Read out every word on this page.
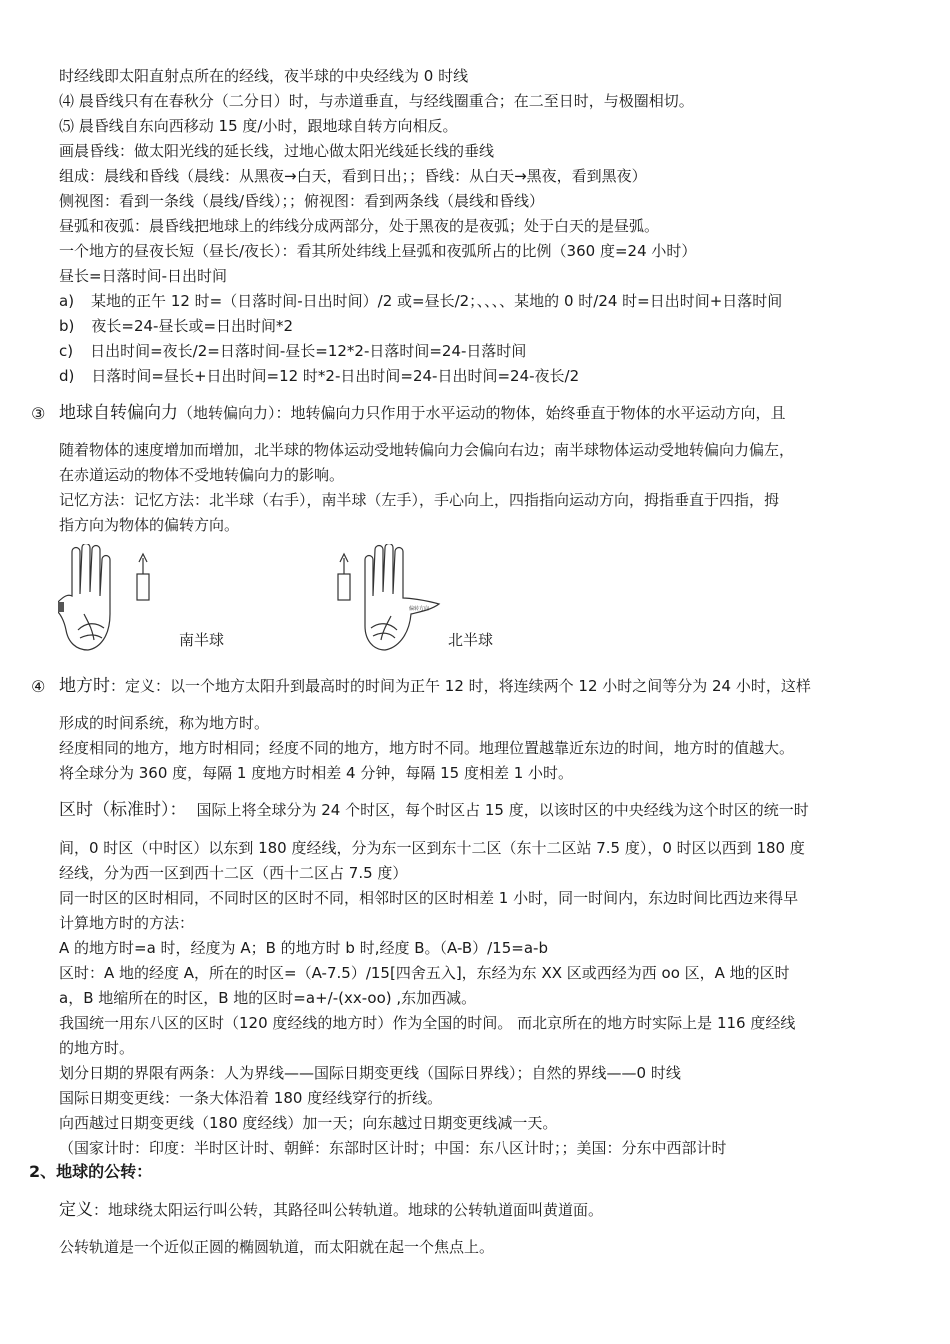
时经线即太阳直射点所在的经线，夜半球的中央经线为 0 时线
⑷ 晨昏线只有在春秋分（二分日）时，与赤道垂直，与经线圈重合；在二至日时，与极圈相切。
⑸ 晨昏线自东向西移动 15 度/小时，跟地球自转方向相反。
画晨昏线：做太阳光线的延长线，过地心做太阳光线延长线的垂线
组成：晨线和昏线（晨线：从黑夜→白天，看到日出；；昏线：从白天→黑夜，看到黑夜）
侧视图：看到一条线（晨线/昏线）；；俯视图：看到两条线（晨线和昏线）
昼弧和夜弧：晨昏线把地球上的纬线分成两部分，处于黑夜的是夜弧；处于白天的是昼弧。
一个地方的昼夜长短（昼长/夜长）：看其所处纬线上昼弧和夜弧所占的比例（360 度=24 小时）
昼长=日落时间-日出时间
a) 某地的正午 12 时=（日落时间-日出时间）/2 或=昼长/2；、、、、某地的 0 时/24 时=日出时间+日落时间
b) 夜长=24-昼长或=日出时间*2
c) 日出时间=夜长/2=日落时间-昼长=12*2-日落时间=24-日落时间
d) 日落时间=昼长+日出时间=12 时*2-日出时间=24-日出时间=24-夜长/2
③ 地球自转偏向力（地转偏向力）：地转偏向力只作用于水平运动的物体，始终垂直于物体的水平运动方向，且
随着物体的速度增加而增加，北半球的物体运动受地转偏向力会偏向右边；南半球物体运动受地转偏向力偏左，
在赤道运动的物体不受地转偏向力的影响。
记忆方法：记忆方法：北半球（右手），南半球（左手），手心向上，四指指向运动方向，拇指垂直于四指，拇
指方向为物体的偏转方向。
南半球
偏转方向
北半球
④ 地方时：定义：以一个地方太阳升到最高时的时间为正午 12 时，将连续两个 12 小时之间等分为 24 小时，这样
形成的时间系统，称为地方时。
经度相同的地方，地方时相同；经度不同的地方，地方时不同。地理位置越靠近东边的时间，地方时的值越大。
将全球分为 360 度，每隔 1 度地方时相差 4 分钟，每隔 15 度相差 1 小时。
区时（标准时）： 国际上将全球分为 24 个时区，每个时区占 15 度，以该时区的中央经线为这个时区的统一时
间，0 时区（中时区）以东到 180 度经线，分为东一区到东十二区（东十二区站 7.5 度），0 时区以西到 180 度
经线，分为西一区到西十二区（西十二区占 7.5 度）
同一时区的区时相同，不同时区的区时不同，相邻时区的区时相差 1 小时，同一时间内，东边时间比西边来得早
计算地方时的方法：
A 的地方时=a 时，经度为 A；B 的地方时 b 时,经度 B。（A-B）/15=a-b
区时：A 地的经度 A，所在的时区=（A-7.5）/15[四舍五入]，东经为东 XX 区或西经为西 oo 区，A 地的区时
a，B 地缩所在的时区，B 地的区时=a+/-(xx-oo) ,东加西减。
我国统一用东八区的区时（120 度经线的地方时）作为全国的时间。 而北京所在的地方时实际上是 116 度经线
的地方时。
划分日期的界限有两条：人为界线——国际日期变更线（国际日界线）；自然的界线——0 时线
国际日期变更线：一条大体沿着 180 度经线穿行的折线。
向西越过日期变更线（180 度经线）加一天；向东越过日期变更线减一天。
（国家计时：印度：半时区计时、朝鲜：东部时区计时；中国：东八区计时；；美国：分东中西部计时
2、地球的公转：
定义：地球绕太阳运行叫公转，其路径叫公转轨道。地球的公转轨道面叫黄道面。
公转轨道是一个近似正圆的椭圆轨道，而太阳就在起一个焦点上。
